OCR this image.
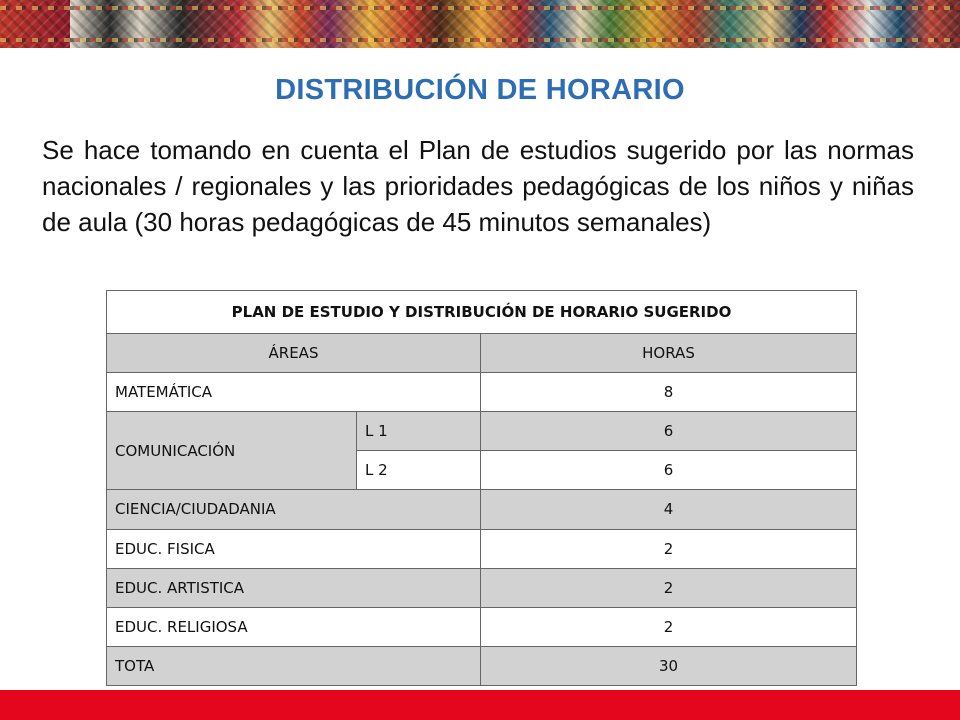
DISTRIBUCIÓN DE HORARIO
Se hace tomando en cuenta el Plan de estudios sugerido por las normas nacionales / regionales y las prioridades pedagógicas de los niños y niñas de aula (30 horas pedagógicas de 45 minutos semanales)
PLAN DE ESTUDIO Y DISTRIBUCIÓN DE HORARIO SUGERIDO		
ÁREAS		HORAS
MATEMÁTICA		8
COMUNICACIÓN	L 1	6
	L 2	6
CIENCIA/CIUDADANIA		4
EDUC. FISICA		2
EDUC. ARTISTICA		2
EDUC. RELIGIOSA		2
TOTA		30
